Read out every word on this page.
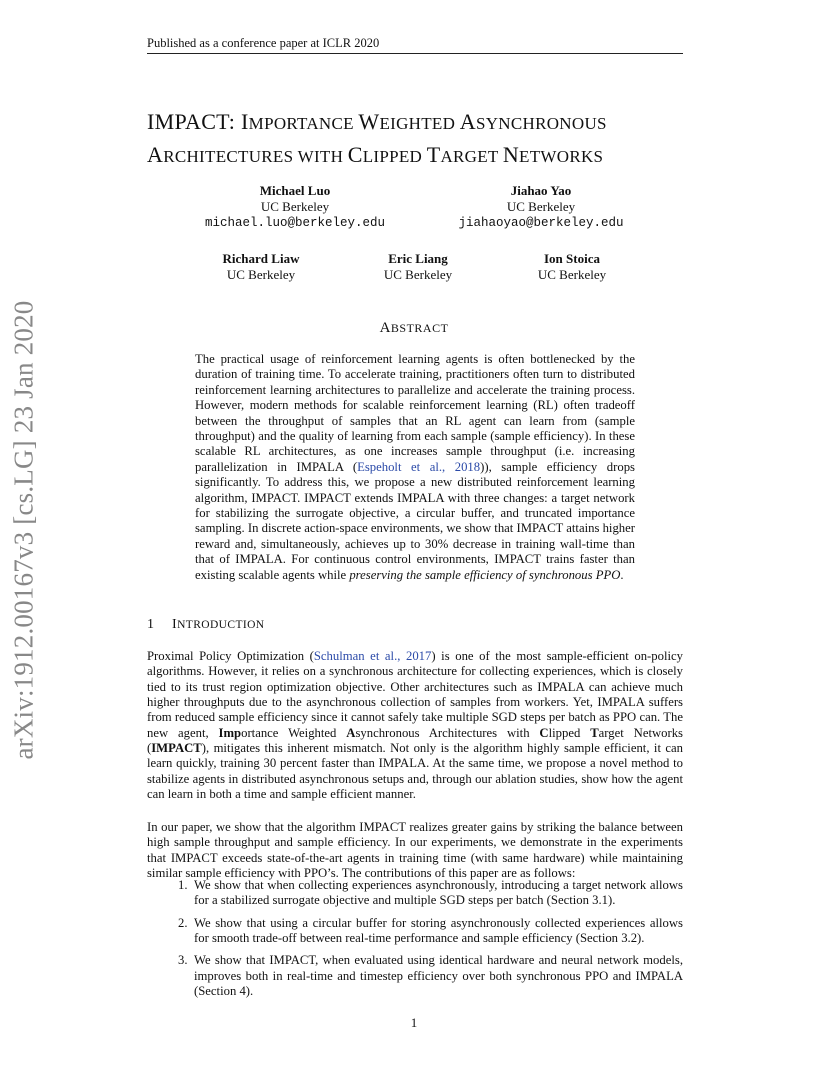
Published as a conference paper at ICLR 2020
arXiv:1912.00167v3 [cs.LG] 23 Jan 2020
IMPACT: IMPORTANCE WEIGHTED ASYNCHRONOUS
ARCHITECTURES WITH CLIPPED TARGET NETWORKS
Michael Luo
UC Berkeley
michael.luo@berkeley.edu
Jiahao Yao
UC Berkeley
jiahaoyao@berkeley.edu
Richard Liaw
UC Berkeley
Eric Liang
UC Berkeley
Ion Stoica
UC Berkeley
ABSTRACT
The practical usage of reinforcement learning agents is often bottlenecked by the duration of training time. To accelerate training, practitioners often turn to distributed reinforcement learning architectures to parallelize and accelerate the training process. However, modern methods for scalable reinforcement learning (RL) often tradeoff between the throughput of samples that an RL agent can learn from (sample throughput) and the quality of learning from each sample (sample efficiency). In these scalable RL architectures, as one increases sample throughput (i.e. increasing parallelization in IMPALA (Espeholt et al., 2018)), sample efficiency drops significantly. To address this, we propose a new distributed reinforcement learning algorithm, IMPACT. IMPACT extends IMPALA with three changes: a target network for stabilizing the surrogate objective, a circular buffer, and truncated importance sampling. In discrete action-space environments, we show that IMPACT attains higher reward and, simultaneously, achieves up to 30% decrease in training wall-time than that of IMPALA. For continuous control environments, IMPACT trains faster than existing scalable agents while preserving the sample efficiency of synchronous PPO.
1 INTRODUCTION
Proximal Policy Optimization (Schulman et al., 2017) is one of the most sample-efficient on-policy algorithms. However, it relies on a synchronous architecture for collecting experiences, which is closely tied to its trust region optimization objective. Other architectures such as IMPALA can achieve much higher throughputs due to the asynchronous collection of samples from workers. Yet, IMPALA suffers from reduced sample efficiency since it cannot safely take multiple SGD steps per batch as PPO can. The new agent, Importance Weighted Asynchronous Architectures with Clipped Target Networks (IMPACT), mitigates this inherent mismatch. Not only is the algorithm highly sample efficient, it can learn quickly, training 30 percent faster than IMPALA. At the same time, we propose a novel method to stabilize agents in distributed asynchronous setups and, through our ablation studies, show how the agent can learn in both a time and sample efficient manner.
In our paper, we show that the algorithm IMPACT realizes greater gains by striking the balance between high sample throughput and sample efficiency. In our experiments, we demonstrate in the experiments that IMPACT exceeds state-of-the-art agents in training time (with same hardware) while maintaining similar sample efficiency with PPO’s. The contributions of this paper are as follows:
1. We show that when collecting experiences asynchronously, introducing a target network allows for a stabilized surrogate objective and multiple SGD steps per batch (Section 3.1).
2. We show that using a circular buffer for storing asynchronously collected experiences allows for smooth trade-off between real-time performance and sample efficiency (Section 3.2).
3. We show that IMPACT, when evaluated using identical hardware and neural network models, improves both in real-time and timestep efficiency over both synchronous PPO and IMPALA (Section 4).
1
